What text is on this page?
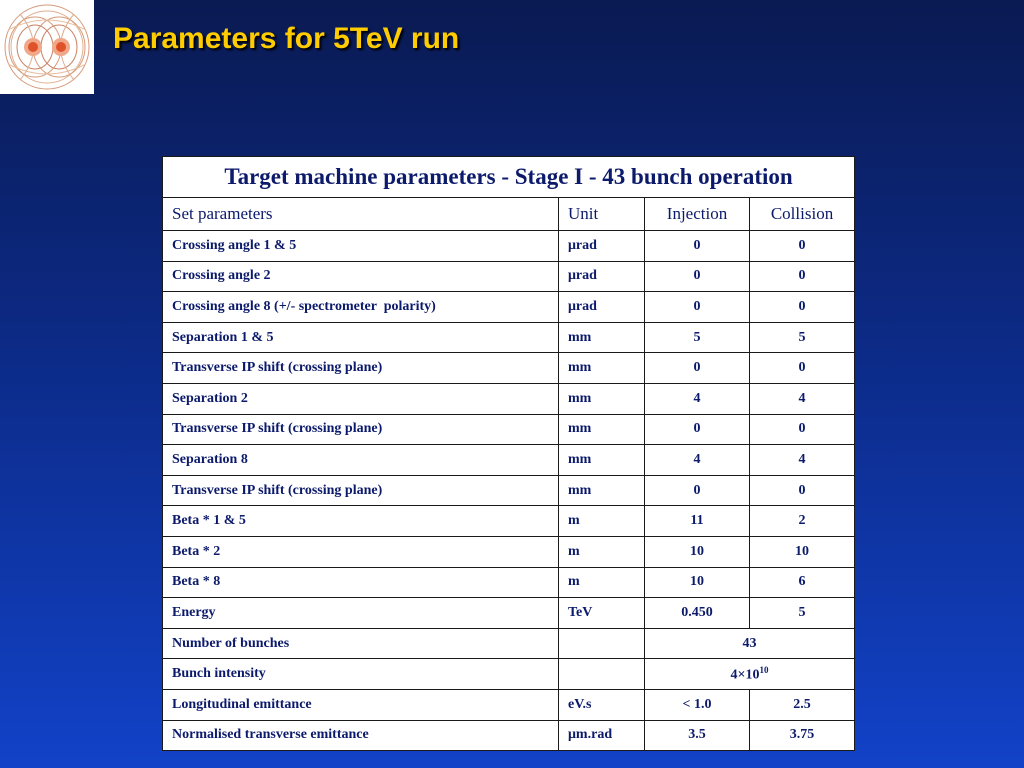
Parameters for 5TeV run
Target machine parameters - Stage I - 43 bunch operation			
Set parameters	Unit	Injection	Collision
Crossing angle 1 & 5	μrad	0	0
Crossing angle 2	μrad	0	0
Crossing angle 8 (+/- spectrometer  polarity)	μrad	0	0
Separation 1 & 5	mm	5	5
Transverse IP shift (crossing plane)	mm	0	0
Separation 2	mm	4	4
Transverse IP shift (crossing plane)	mm	0	0
Separation 8	mm	4	4
Transverse IP shift (crossing plane)	mm	0	0
Beta * 1 & 5	m	11	2
Beta * 2	m	10	10
Beta * 8	m	10	6
Energy	TeV	0.450	5
Number of bunches		43	
Bunch intensity		$4\times 10^{10}$
Longitudinal emittance	eV.s	< 1.0	2.5
Normalised transverse emittance	μm.rad	3.5	3.75
